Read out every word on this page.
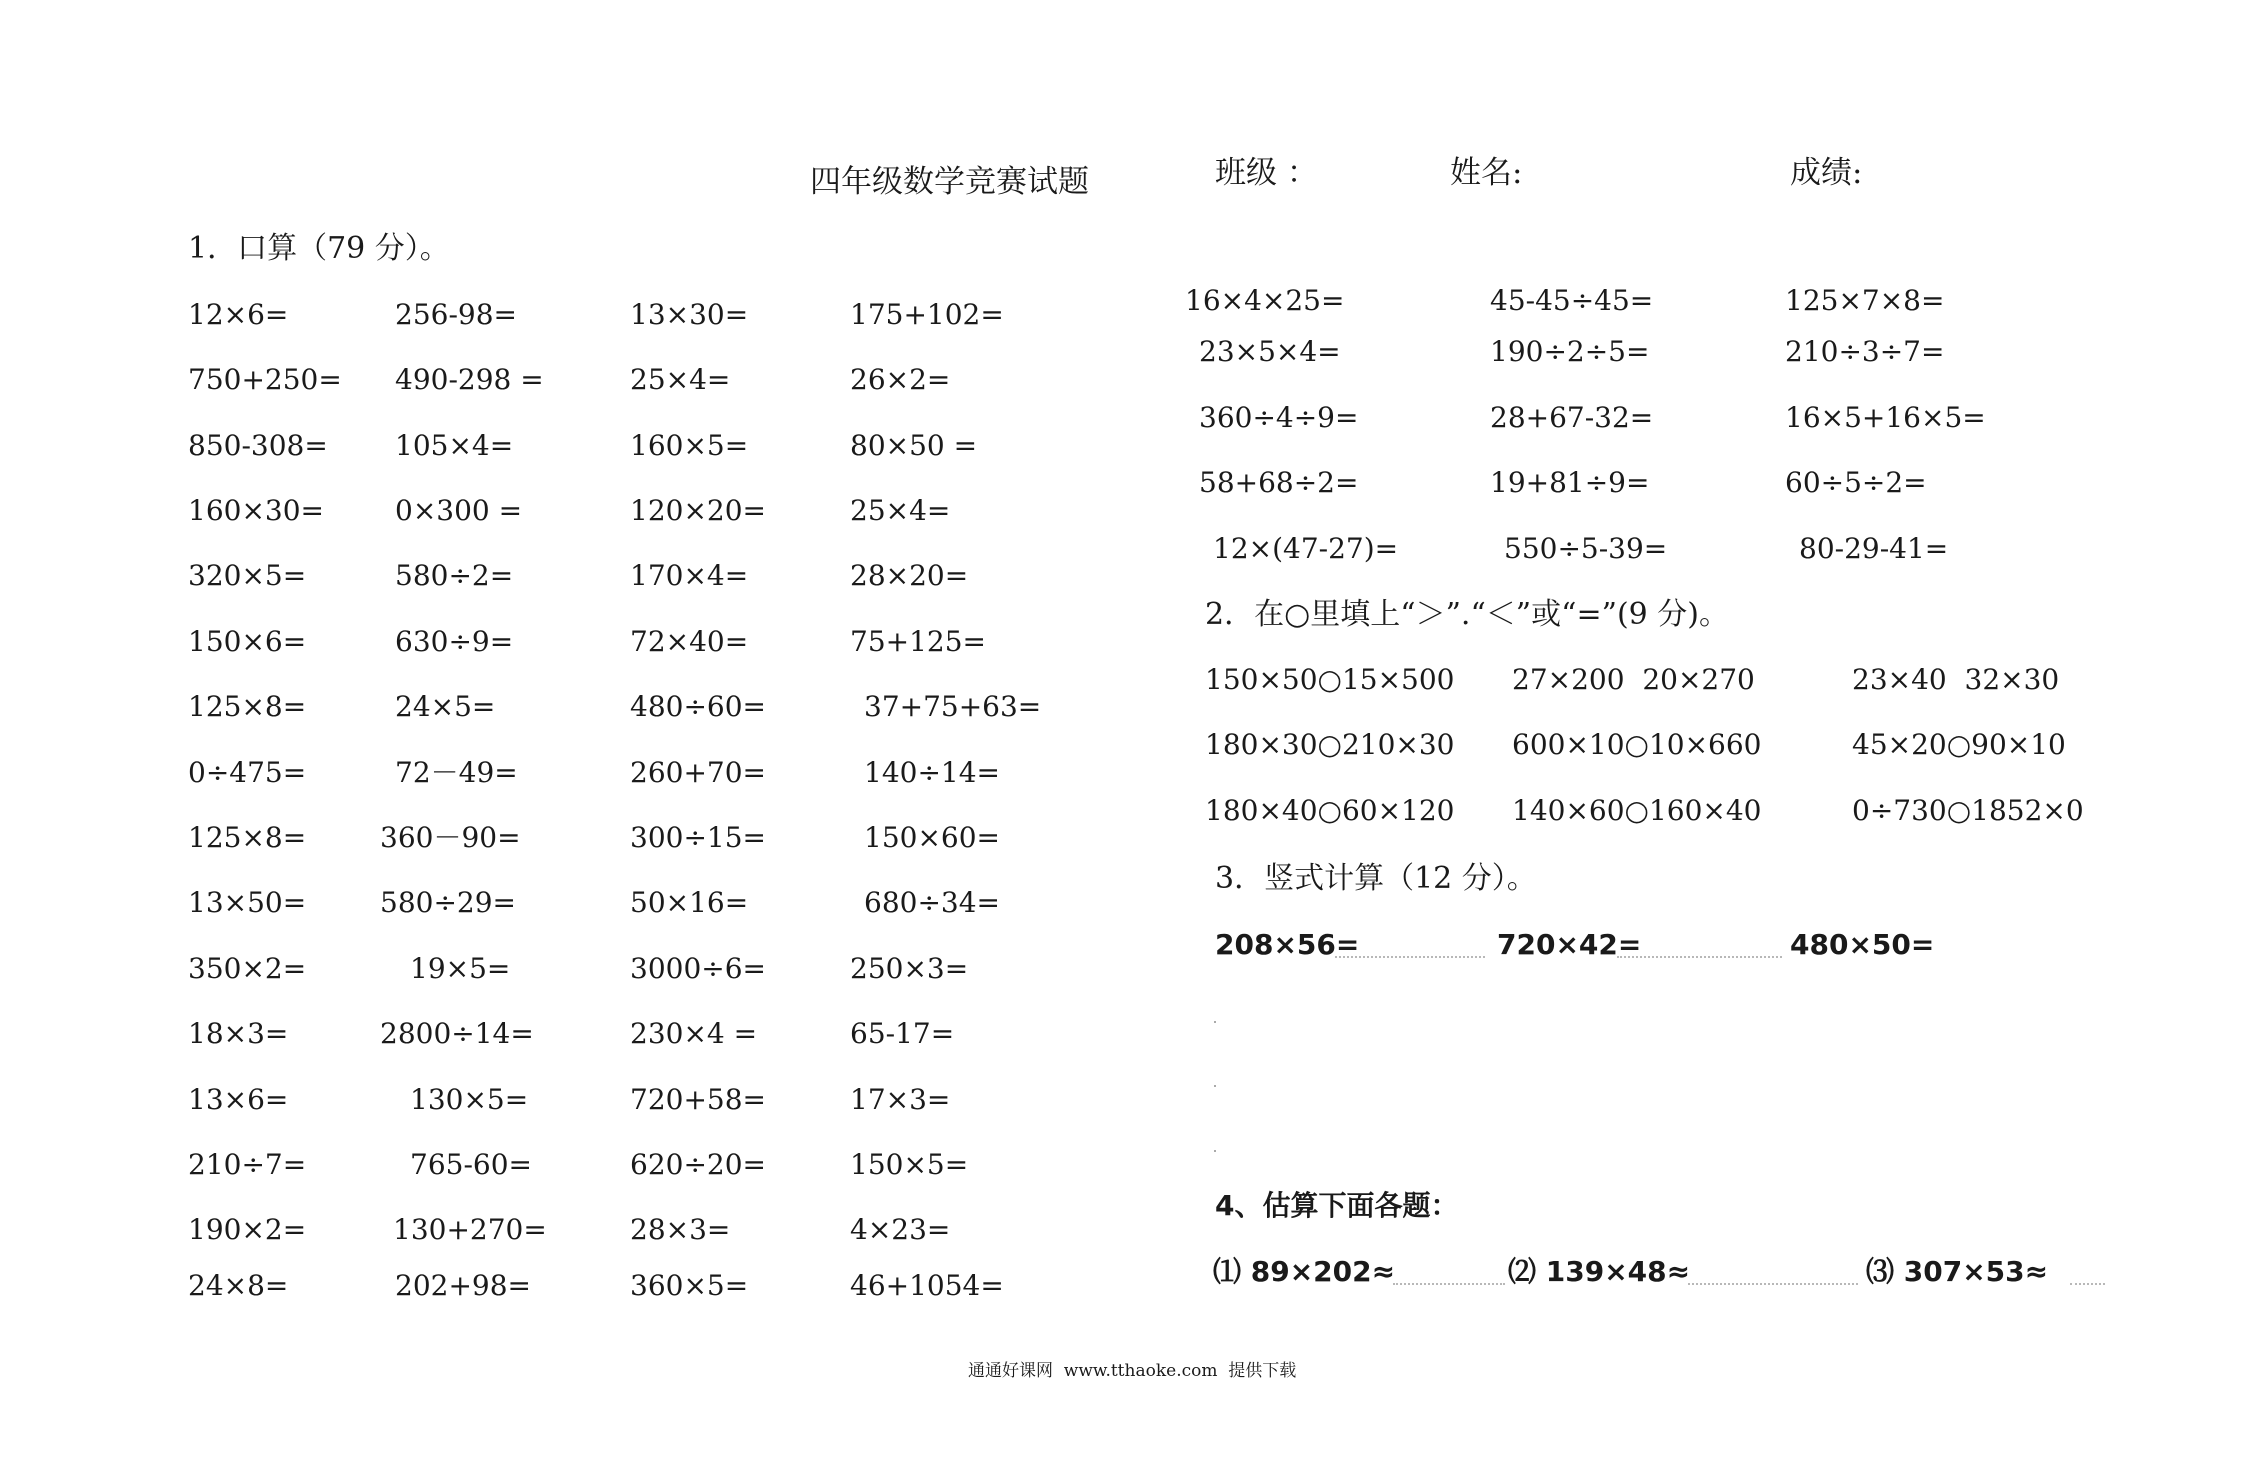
四年级数学竞赛试题	班级 ：	姓名:	成绩:
1．口算（79 分）。
12×6=	256-98=	13×30=	175+102=
750+250= 490-298 =	25×4=	26×2=
850-308= 105×4=	160×5=	80×50 =
160×30=	0×300 =	120×20=	25×4=
320×5=	580÷2=	170×4=	28×20=
150×6=	630÷9=	72×40=	75+125=
125×8=	24×5=	480÷60=	37+75+63=
0÷475=	72－49=	260+70=	140÷14=
125×8=	360－90=	300÷15=	150×60=
13×50=	580÷29=	50×16=	680÷34=
350×2=	19×5=	3000÷6=	250×3=
18×3=	2800÷14=	230×4 =	65-17=
13×6=	130×5=	720+58=	17×3=
210÷7=	765-60=	620÷20=	150×5=
190×2=	130+270=	28×3=	4×23=
24×8=	202+98=	360×5=	46+1054=
16×4×25=	45-45÷45=	125×7×8=
23×5×4=	190÷2÷5=	210÷3÷7=
360÷4÷9=	28+67-32=	16×5+16×5=
58+68÷2=	19+81÷9=	60÷5÷2=
12×(47-27)=	550÷5-39=	80-29-41=
2．在○里填上“＞”.“＜”或“=”(9 分)。
150×50○15×500 27×200  20×270	23×40  32×30
180×30○210×30 600×10○10×660	45×20○90×10
180×40○60×120 140×60○160×40	0÷730○1852×0
3．竖式计算（12 分）。
208×56=	720×42=	480×50=
4、估算下面各题：
⑴ 89×202≈	⑵ 139×48≈	⑶ 307×53≈
通通好课网  www.tthaoke.com  提供下载
